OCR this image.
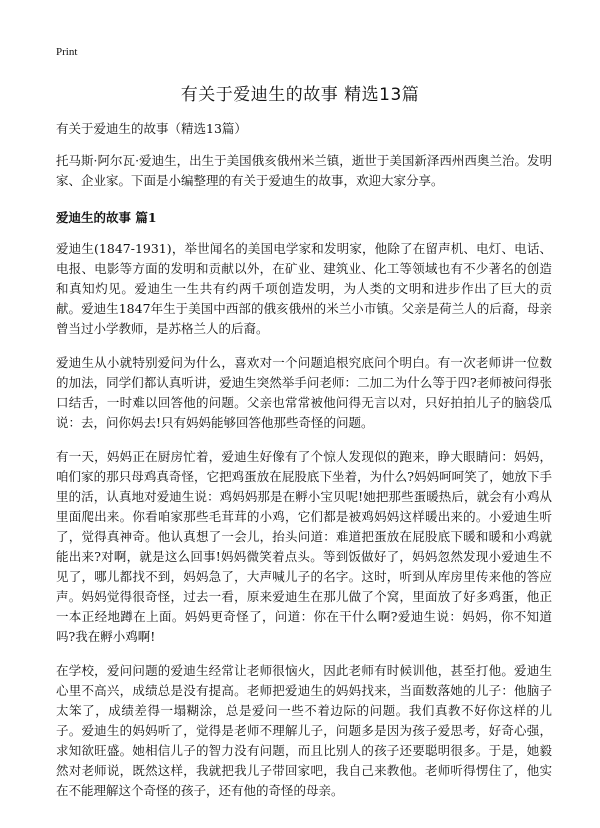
Print
有关于爱迪生的故事 精选13篇

有关于爱迪生的故事（精选13篇）

托马斯·阿尔瓦·爱迪生，出生于美国俄亥俄州米兰镇，逝世于美国新泽西州西奥兰治。发明家、企业家。下面是小编整理的有关于爱迪生的故事，欢迎大家分享。

爱迪生的故事 篇1

爱迪生(1847-1931)，举世闻名的美国电学家和发明家，他除了在留声机、电灯、电话、电报、电影等方面的发明和贡献以外，在矿业、建筑业、化工等领域也有不少著名的创造和真知灼见。爱迪生一生共有约两千项创造发明，为人类的文明和进步作出了巨大的贡献。爱迪生1847年生于美国中西部的俄亥俄州的米兰小市镇。父亲是荷兰人的后裔，母亲曾当过小学教师，是苏格兰人的后裔。

爱迪生从小就特别爱问为什么，喜欢对一个问题追根究底问个明白。有一次老师讲一位数的加法，同学们都认真听讲，爱迪生突然举手问老师：二加二为什么等于四?老师被问得张口结舌，一时难以回答他的问题。父亲也常常被他问得无言以对，只好拍拍儿子的脑袋瓜说：去，问你妈去!只有妈妈能够回答他那些奇怪的问题。

有一天，妈妈正在厨房忙着，爱迪生好像有了个惊人发现似的跑来，睁大眼睛问：妈妈，咱们家的那只母鸡真奇怪，它把鸡蛋放在屁股底下坐着，为什么?妈妈呵呵笑了，她放下手里的活，认真地对爱迪生说：鸡妈妈那是在孵小宝贝呢!她把那些蛋暖热后，就会有小鸡从里面爬出来。你看咱家那些毛茸茸的小鸡，它们都是被鸡妈妈这样暖出来的。小爱迪生听了，觉得真神奇。他认真想了一会儿，抬头问道：难道把蛋放在屁股底下暖和暖和小鸡就能出来?对啊，就是这么回事!妈妈微笑着点头。等到饭做好了，妈妈忽然发现小爱迪生不见了，哪儿都找不到，妈妈急了，大声喊儿子的名字。这时，听到从库房里传来他的答应声。妈妈觉得很奇怪，过去一看，原来爱迪生在那儿做了个窝，里面放了好多鸡蛋，他正一本正经地蹲在上面。妈妈更奇怪了，问道：你在干什么啊?爱迪生说：妈妈，你不知道吗?我在孵小鸡啊!

在学校，爱问问题的爱迪生经常让老师很恼火，因此老师有时候训他，甚至打他。爱迪生心里不高兴，成绩总是没有提高。老师把爱迪生的妈妈找来，当面数落她的儿子：他脑子太笨了，成绩差得一塌糊涂，总是爱问一些不着边际的问题。我们真教不好你这样的儿子。爱迪生的妈妈听了，觉得是老师不理解儿子，问题多是因为孩子爱思考，好奇心强，求知欲旺盛。她相信儿子的智力没有问题，而且比别人的孩子还要聪明很多。于是，她毅然对老师说，既然这样，我就把我儿子带回家吧，我自己来教他。老师听得愣住了，他实在不能理解这个奇怪的孩子，还有他的奇怪的母亲。
